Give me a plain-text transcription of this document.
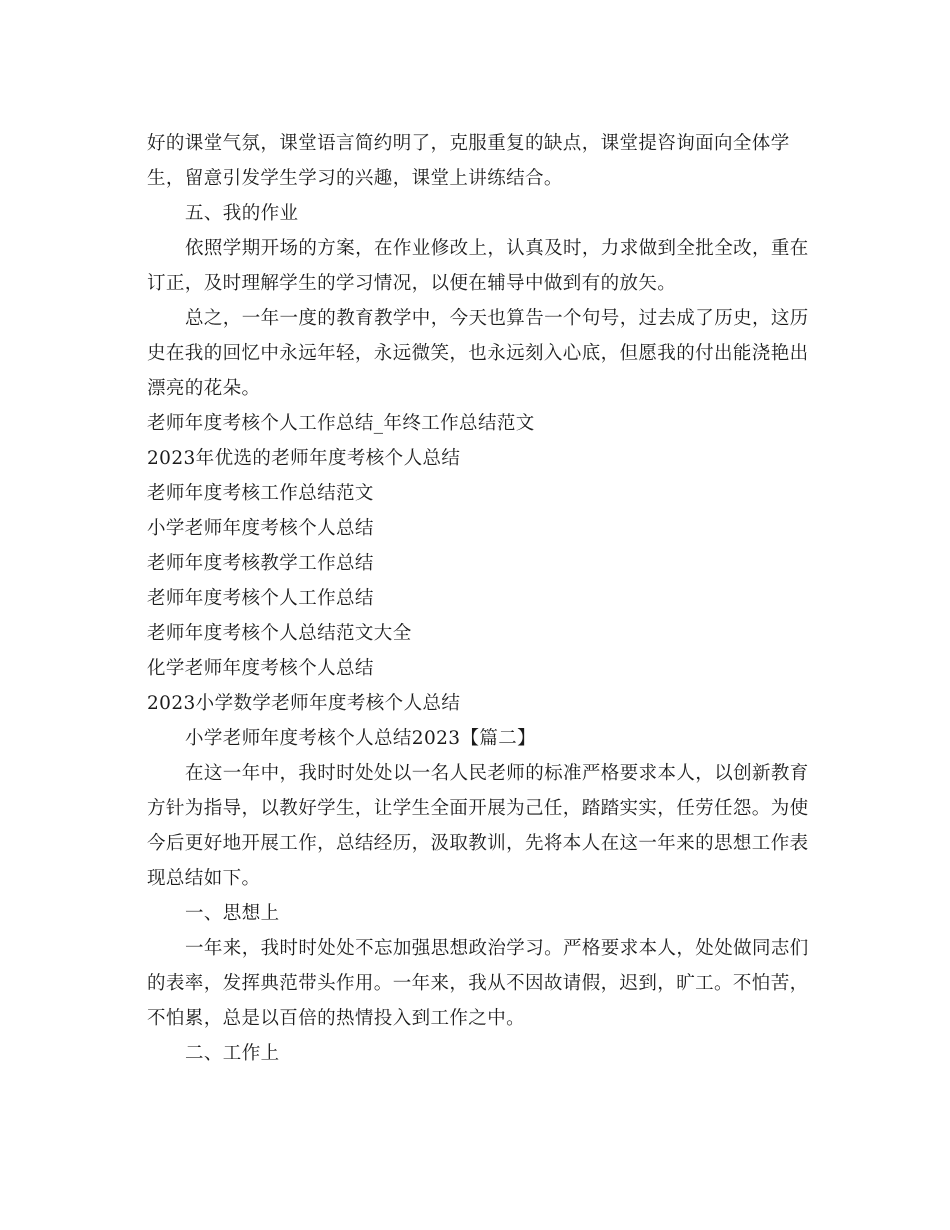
好的课堂气氛，课堂语言简约明了，克服重复的缺点，课堂提咨询面向全体学
生，留意引发学生学习的兴趣，课堂上讲练结合。
五、我的作业
依照学期开场的方案，在作业修改上，认真及时，力求做到全批全改，重在
订正，及时理解学生的学习情况，以便在辅导中做到有的放矢。
总之，一年一度的教育教学中，今天也算告一个句号，过去成了历史，这历
史在我的回忆中永远年轻，永远微笑，也永远刻入心底，但愿我的付出能浇艳出
漂亮的花朵。
老师年度考核个人工作总结_年终工作总结范文
2023年优选的老师年度考核个人总结
老师年度考核工作总结范文
小学老师年度考核个人总结
老师年度考核教学工作总结
老师年度考核个人工作总结
老师年度考核个人总结范文大全
化学老师年度考核个人总结
2023小学数学老师年度考核个人总结
小学老师年度考核个人总结2023【篇二】
在这一年中，我时时处处以一名人民老师的标准严格要求本人，以创新教育
方针为指导，以教好学生，让学生全面开展为己任，踏踏实实，任劳任怨。为使
今后更好地开展工作，总结经历，汲取教训，先将本人在这一年来的思想工作表
现总结如下。
一、思想上
一年来，我时时处处不忘加强思想政治学习。严格要求本人，处处做同志们
的表率，发挥典范带头作用。一年来，我从不因故请假，迟到，旷工。不怕苦，
不怕累，总是以百倍的热情投入到工作之中。
二、工作上
